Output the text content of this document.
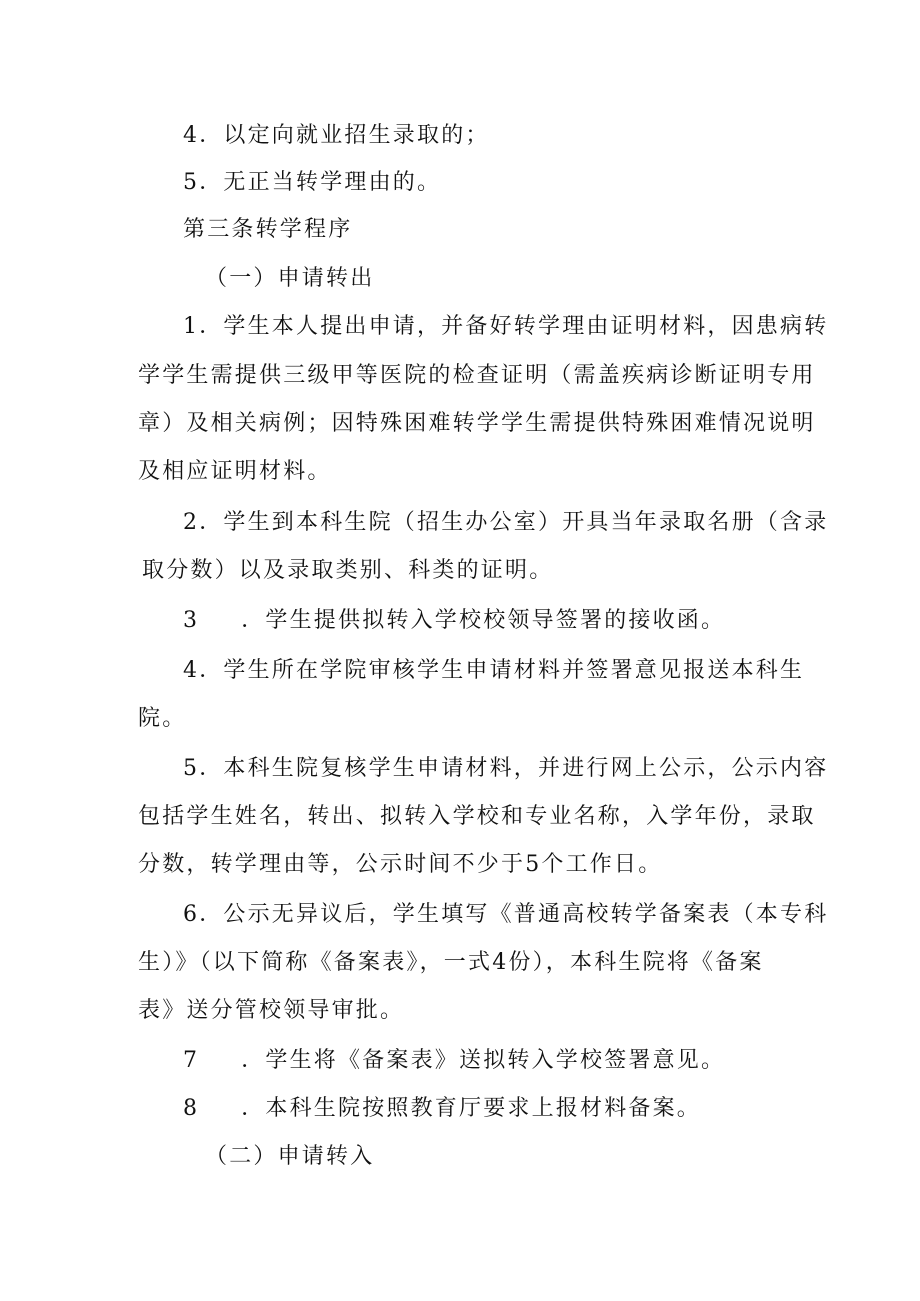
4．以定向就业招生录取的；
5．无正当转学理由的。
第三条转学程序
（一）申请转出
1．学生本人提出申请，并备好转学理由证明材料，因患病转
学学生需提供三级甲等医院的检查证明（需盖疾病诊断证明专用
章）及相关病例；因特殊困难转学学生需提供特殊困难情况说明
及相应证明材料。
2．学生到本科生院（招生办公室）开具当年录取名册（含录
取分数）以及录取类别、科类的证明。
3 ．学生提供拟转入学校校领导签署的接收函。
4．学生所在学院审核学生申请材料并签署意见报送本科生
院。
5．本科生院复核学生申请材料，并进行网上公示，公示内容
包括学生姓名，转出、拟转入学校和专业名称，入学年份，录取
分数，转学理由等，公示时间不少于5个工作日。
6．公示无异议后，学生填写《普通高校转学备案表（本专科
生）》（以下简称《备案表》，一式4份），本科生院将《备案
表》送分管校领导审批。
7 ．学生将《备案表》送拟转入学校签署意见。
8 ．本科生院按照教育厅要求上报材料备案。
（二）申请转入
